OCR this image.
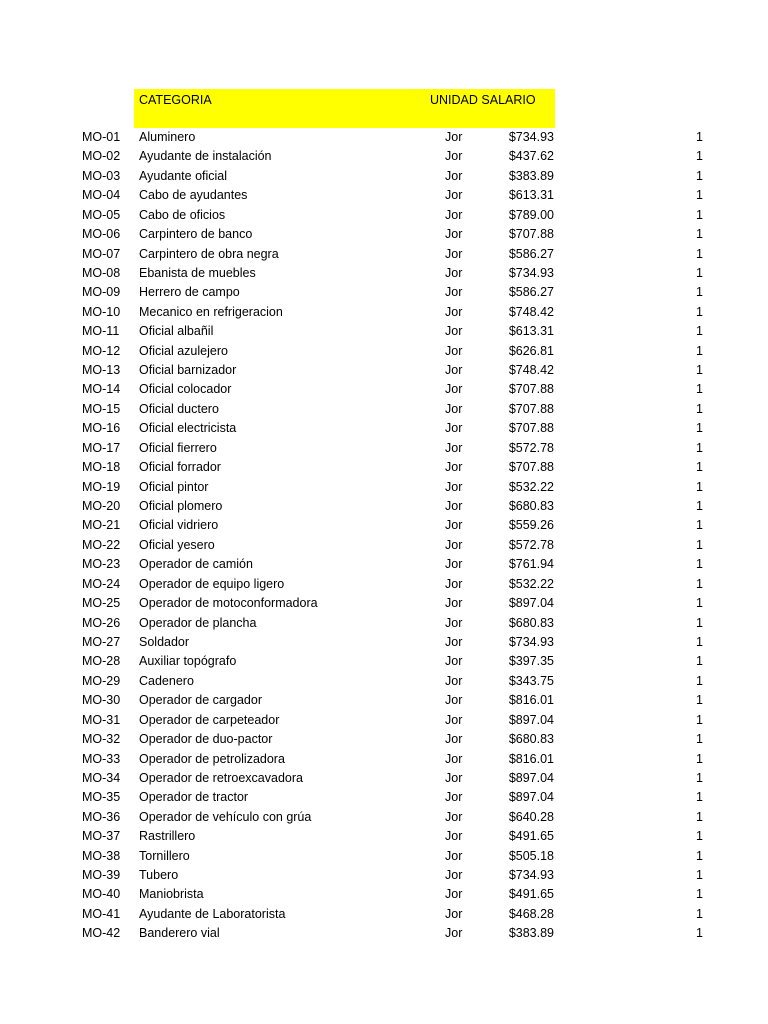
CATEGORIA	UNIDAD SALARIO
MO-01 Aluminero	Jor	$734.93	1
MO-02 Ayudante de instalación	Jor	$437.62	1
MO-03 Ayudante oficial	Jor	$383.89	1
MO-04 Cabo de ayudantes	Jor	$613.31	1
MO-05 Cabo de oficios	Jor	$789.00	1
MO-06 Carpintero de banco	Jor	$707.88	1
MO-07 Carpintero de obra negra	Jor	$586.27	1
MO-08 Ebanista de muebles	Jor	$734.93	1
MO-09 Herrero de campo	Jor	$586.27	1
MO-10 Mecanico en refrigeracion	Jor	$748.42	1
MO-11 Oficial albañil	Jor	$613.31	1
MO-12 Oficial azulejero	Jor	$626.81	1
MO-13 Oficial barnizador	Jor	$748.42	1
MO-14 Oficial colocador	Jor	$707.88	1
MO-15 Oficial ductero	Jor	$707.88	1
MO-16 Oficial electricista	Jor	$707.88	1
MO-17 Oficial fierrero	Jor	$572.78	1
MO-18 Oficial forrador	Jor	$707.88	1
MO-19 Oficial pintor	Jor	$532.22	1
MO-20 Oficial plomero	Jor	$680.83	1
MO-21 Oficial vidriero	Jor	$559.26	1
MO-22 Oficial yesero	Jor	$572.78	1
MO-23 Operador de camión	Jor	$761.94	1
MO-24 Operador de equipo ligero	Jor	$532.22	1
MO-25 Operador de motoconformadora	Jor	$897.04	1
MO-26 Operador de plancha	Jor	$680.83	1
MO-27 Soldador	Jor	$734.93	1
MO-28 Auxiliar topógrafo	Jor	$397.35	1
MO-29 Cadenero	Jor	$343.75	1
MO-30 Operador de cargador	Jor	$816.01	1
MO-31 Operador de carpeteador	Jor	$897.04	1
MO-32 Operador de duo-pactor	Jor	$680.83	1
MO-33 Operador de petrolizadora	Jor	$816.01	1
MO-34 Operador de retroexcavadora	Jor	$897.04	1
MO-35 Operador de tractor	Jor	$897.04	1
MO-36 Operador de vehículo con grúa	Jor	$640.28	1
MO-37 Rastrillero	Jor	$491.65	1
MO-38 Tornillero	Jor	$505.18	1
MO-39 Tubero	Jor	$734.93	1
MO-40 Maniobrista	Jor	$491.65	1
MO-41 Ayudante de Laboratorista	Jor	$468.28	1
MO-42 Banderero vial	Jor	$383.89	1
